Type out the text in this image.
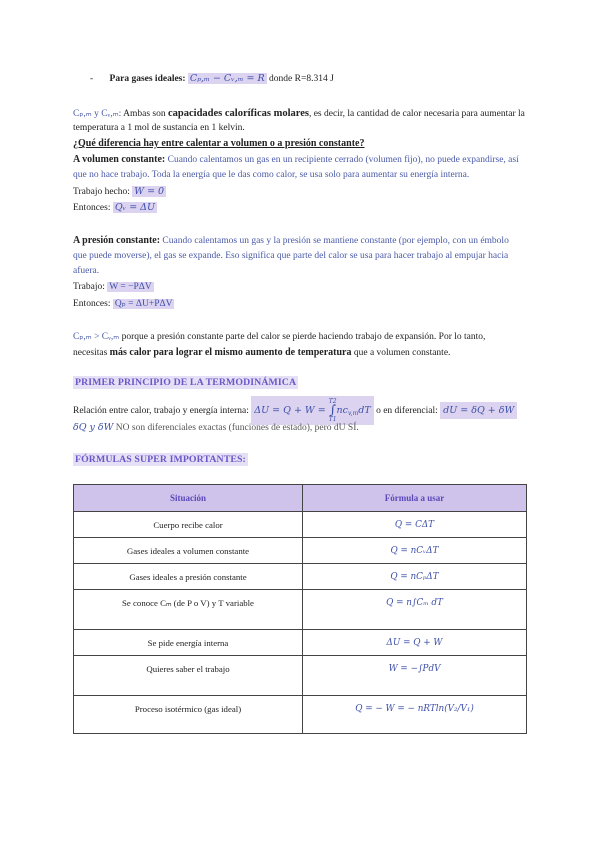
- Para gases ideales: Cₚ,ₘ − Cᵥ,ₘ = R donde R=8.314 J
Cₚ,ₘ y Cᵥ,ₘ: Ambas son capacidades caloríficas molares, es decir, la cantidad de calor necesaria para aumentar la
temperatura a 1 mol de sustancia en 1 kelvin.
¿Qué diferencia hay entre calentar a volumen o a presión constante?
A volumen constante: Cuando calentamos un gas en un recipiente cerrado (volumen fijo), no puede expandirse, así
que no hace trabajo. Toda la energía que le das como calor, se usa solo para aumentar su energía interna.
Trabajo hecho: W = 0
Entonces: Qᵥ = ΔU
A presión constante: Cuando calentamos un gas y la presión se mantiene constante (por ejemplo, con un émbolo
que puede moverse), el gas se expande. Eso significa que parte del calor se usa para hacer trabajo al empujar hacia
afuera.
Trabajo: W = −PΔV
Entonces: Qₚ = ΔU+PΔV
Cₚ,ₘ > Cᵥ,ₘ porque a presión constante parte del calor se pierde haciendo trabajo de expansión. Por lo tanto,
necesitas más calor para lograr el mismo aumento de temperatura que a volumen constante.
PRIMER PRINCIPIO DE LA TERMODINÁMICA
Relación entre calor, trabajo y energía interna: ΔU = Q + W = T2
∫
$T1nc_{v,m}dT$ o en diferencial: dU = δQ + δW
δQ y δW NO son diferenciales exactas (funciones de estado), pero dU SÍ.
FÓRMULAS SUPER IMPORTANTES:
Situación	Fórmula a usar
Cuerpo recibe calor	Q = CΔT
Gases ideales a volumen constante	Q = nCᵥΔT
Gases ideales a presión constante	Q = nCₚΔT
Se conoce Cₘ (de P o V) y T variable	Q = n∫Cₘ dT
Se pide energía interna	ΔU = Q + W
Quieres saber el trabajo	W = −∫PdV
Proceso isotérmico (gas ideal)	Q = − W = − nRTln(V₂/V₁)
